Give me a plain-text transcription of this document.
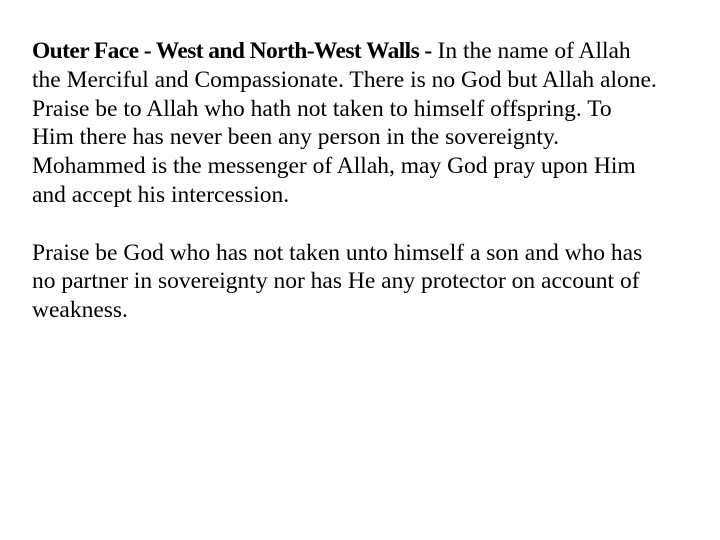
Outer Face - West and North-West Walls - In the name of Allah
the Merciful and Compassionate. There is no God but Allah alone.
Praise be to Allah who hath not taken to himself offspring. To
Him there has never been any person in the sovereignty.
Mohammed is the messenger of Allah, may God pray upon Him
and accept his intercession.
Praise be God who has not taken unto himself a son and who has
no partner in sovereignty nor has He any protector on account of
weakness.
